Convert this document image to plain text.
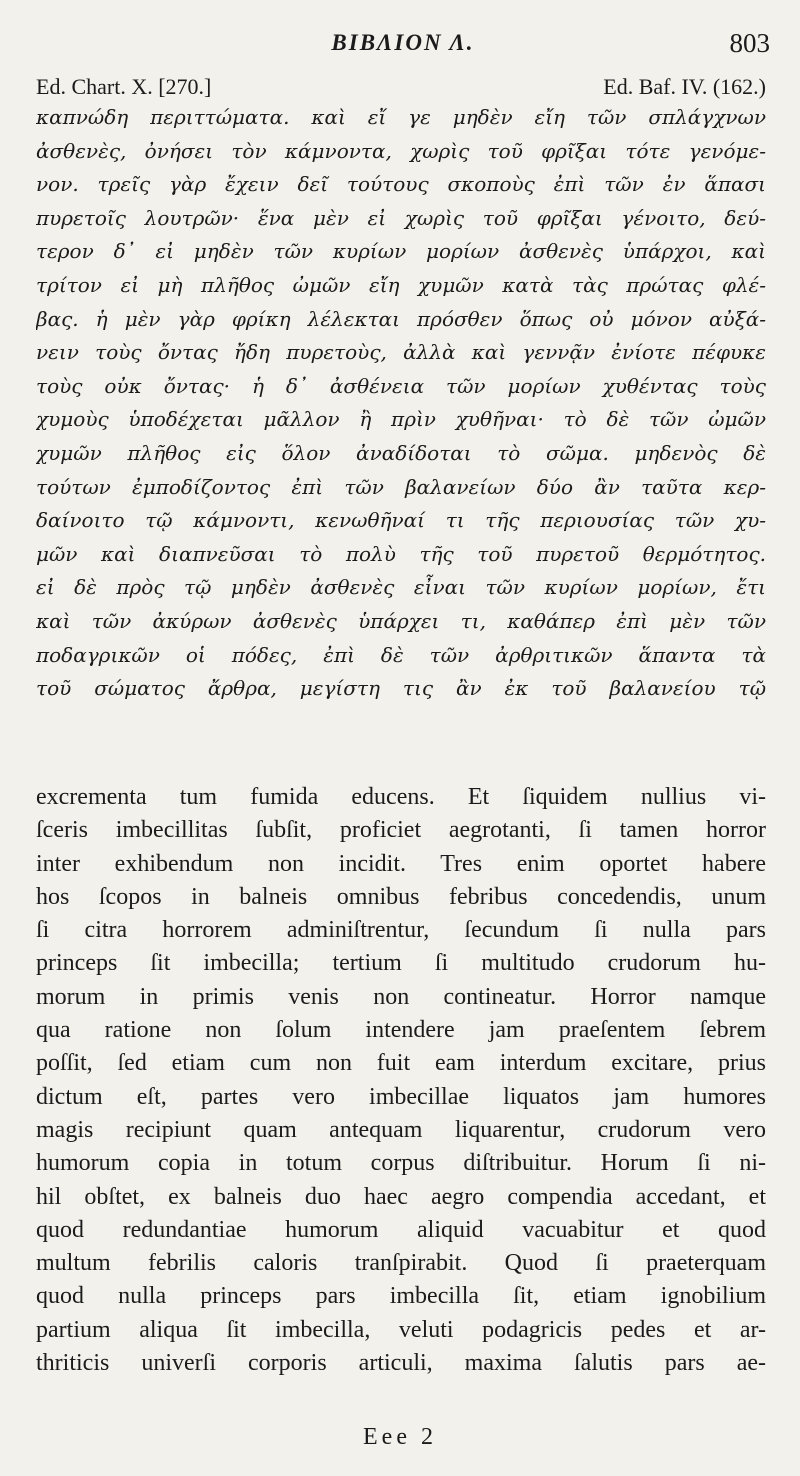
ΒΙΒΛΙΟΝ Λ.	803
Ed. Chart. X. [270.]	Ed. Baf. IV. (162.)
καπνώδη περιττώματα. καὶ εἴ γε μηδὲν εἴη τῶν σπλάγχνων
ἀσθενὲς, ὀνήσει τὸν κάμνοντα, χωρὶς τοῦ φρῖξαι τότε γενόμε-
νον. τρεῖς γὰρ ἔχειν δεῖ τούτους σκοποὺς ἐπὶ τῶν ἐν ἅπασι
πυρετοῖς λουτρῶν· ἕνα μὲν εἰ χωρὶς τοῦ φρῖξαι γένοιτο, δεύ-
τερον δ᾽ εἰ μηδὲν τῶν κυρίων μορίων ἀσθενὲς ὑπάρχοι, καὶ
τρίτον εἰ μὴ πλῆθος ὠμῶν εἴη χυμῶν κατὰ τὰς πρώτας φλέ-
βας. ἡ μὲν γὰρ φρίκη λέλεκται πρόσθεν ὅπως οὐ μόνον αὐξά-
νειν τοὺς ὄντας ἤδη πυρετοὺς, ἀλλὰ καὶ γεννᾷν ἐνίοτε πέφυκε
τοὺς οὐκ ὄντας· ἡ δ᾽ ἀσθένεια τῶν μορίων χυθέντας τοὺς
χυμοὺς ὑποδέχεται μᾶλλον ἢ πρὶν χυθῆναι· τὸ δὲ τῶν ὠμῶν
χυμῶν πλῆθος εἰς ὅλον ἀναδίδοται τὸ σῶμα. μηδενὸς δὲ
τούτων ἐμποδίζοντος ἐπὶ τῶν βαλανείων δύο ἂν ταῦτα κερ-
δαίνοιτο τῷ κάμνοντι, κενωθῆναί τι τῆς περιουσίας τῶν χυ-
μῶν καὶ διαπνεῦσαι τὸ πολὺ τῆς τοῦ πυρετοῦ θερμότητος.
εἰ δὲ πρὸς τῷ μηδὲν ἀσθενὲς εἶναι τῶν κυρίων μορίων, ἔτι
καὶ τῶν ἀκύρων ἀσθενὲς ὑπάρχει τι, καθάπερ ἐπὶ μὲν τῶν
ποδαγρικῶν οἱ πόδες, ἐπὶ δὲ τῶν ἀρθριτικῶν ἅπαντα τὰ
τοῦ σώματος ἄρθρα, μεγίστη τις ἂν ἐκ τοῦ βαλανείου τῷ
excrementa tum fumida educens. Et ſiquidem nullius vi-
ſceris imbecillitas ſubſit, proficiet aegrotanti, ſi tamen horror
inter exhibendum non incidit. Tres enim oportet habere
hos ſcopos in balneis omnibus febribus concedendis, unum
ſi citra horrorem adminiſtrentur, ſecundum ſi nulla pars
princeps ſit imbecilla; tertium ſi multitudo crudorum hu-
morum in primis venis non contineatur. Horror namque
qua ratione non ſolum intendere jam praeſentem ſebrem
poſſit, ſed etiam cum non fuit eam interdum excitare, prius
dictum eſt, partes vero imbecillae liquatos jam humores
magis recipiunt quam antequam liquarentur, crudorum vero
humorum copia in totum corpus diſtribuitur. Horum ſi ni-
hil obſtet, ex balneis duo haec aegro compendia accedant, et
quod redundantiae humorum aliquid vacuabitur et quod
multum febrilis caloris tranſpirabit. Quod ſi praeterquam
quod nulla princeps pars imbecilla ſit, etiam ignobilium
partium aliqua ſit imbecilla, veluti podagricis pedes et ar-
thriticis univerſi corporis articuli, maxima ſalutis pars ae-
Eee 2
